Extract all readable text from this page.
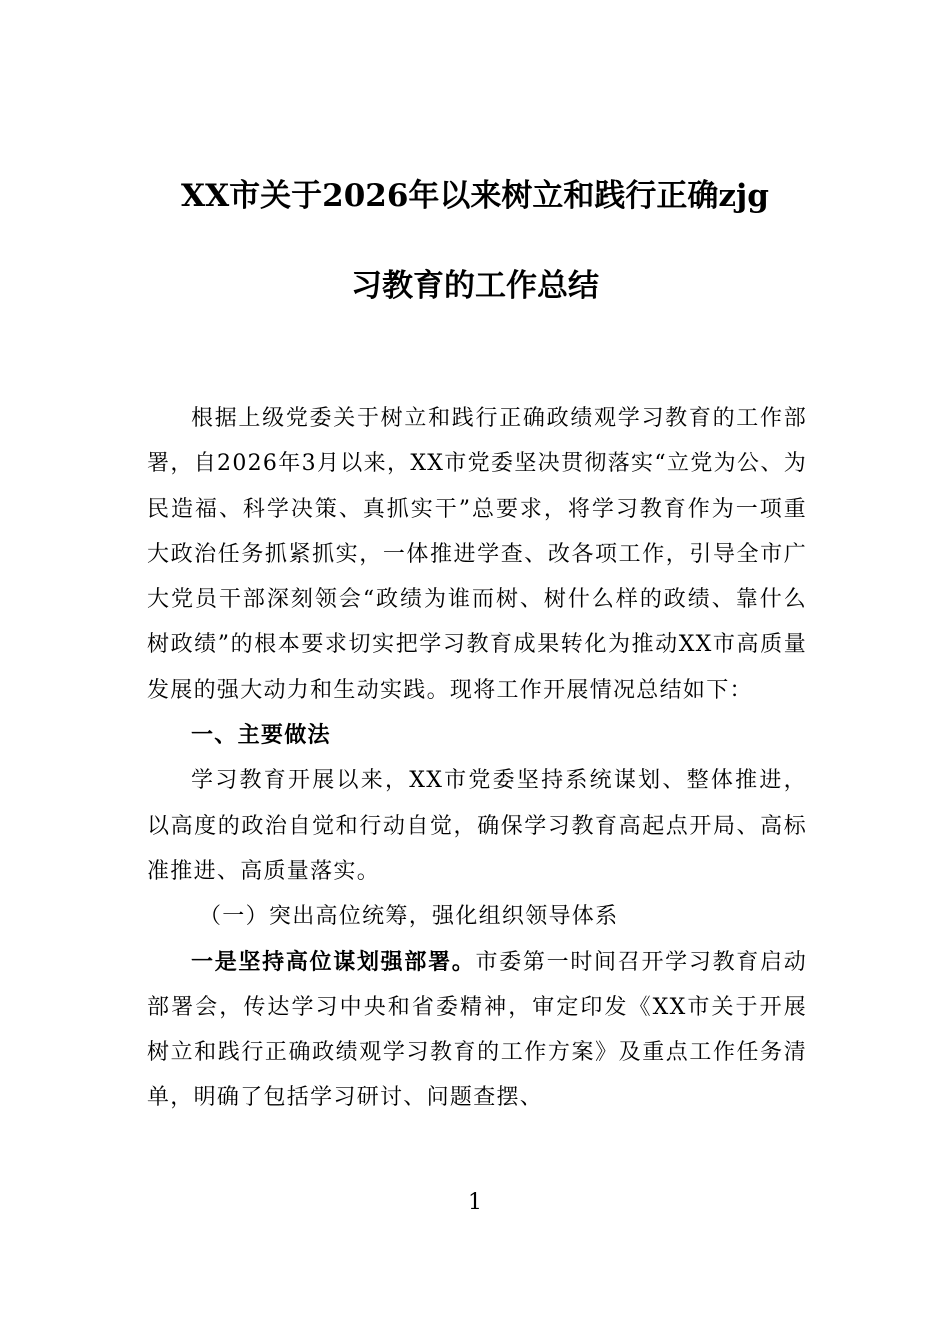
XX市关于2026年以来树立和践行正确zjg
习教育的工作总结

根据上级党委关于树立和践行正确政绩观学习教育的工作部署，自2026年3月以来，XX市党委坚决贯彻落实“立党为公、为民造福、科学决策、真抓实干”总要求，将学习教育作为一项重大政治任务抓紧抓实，一体推进学查、改各项工作，引导全市广大党员干部深刻领会“政绩为谁而树、树什么样的政绩、靠什么树政绩”的根本要求切实把学习教育成果转化为推动XX市高质量发展的强大动力和生动实践。现将工作开展情况总结如下：

一、主要做法

学习教育开展以来，XX市党委坚持系统谋划、整体推进，以高度的政治自觉和行动自觉，确保学习教育高起点开局、高标准推进、高质量落实。

（一）突出高位统筹，强化组织领导体系

一是坚持高位谋划强部署。市委第一时间召开学习教育启动部署会，传达学习中央和省委精神，审定印发《XX市关于开展树立和践行正确政绩观学习教育的工作方案》及重点工作任务清单，明确了包括学习研讨、问题查摆、

1
